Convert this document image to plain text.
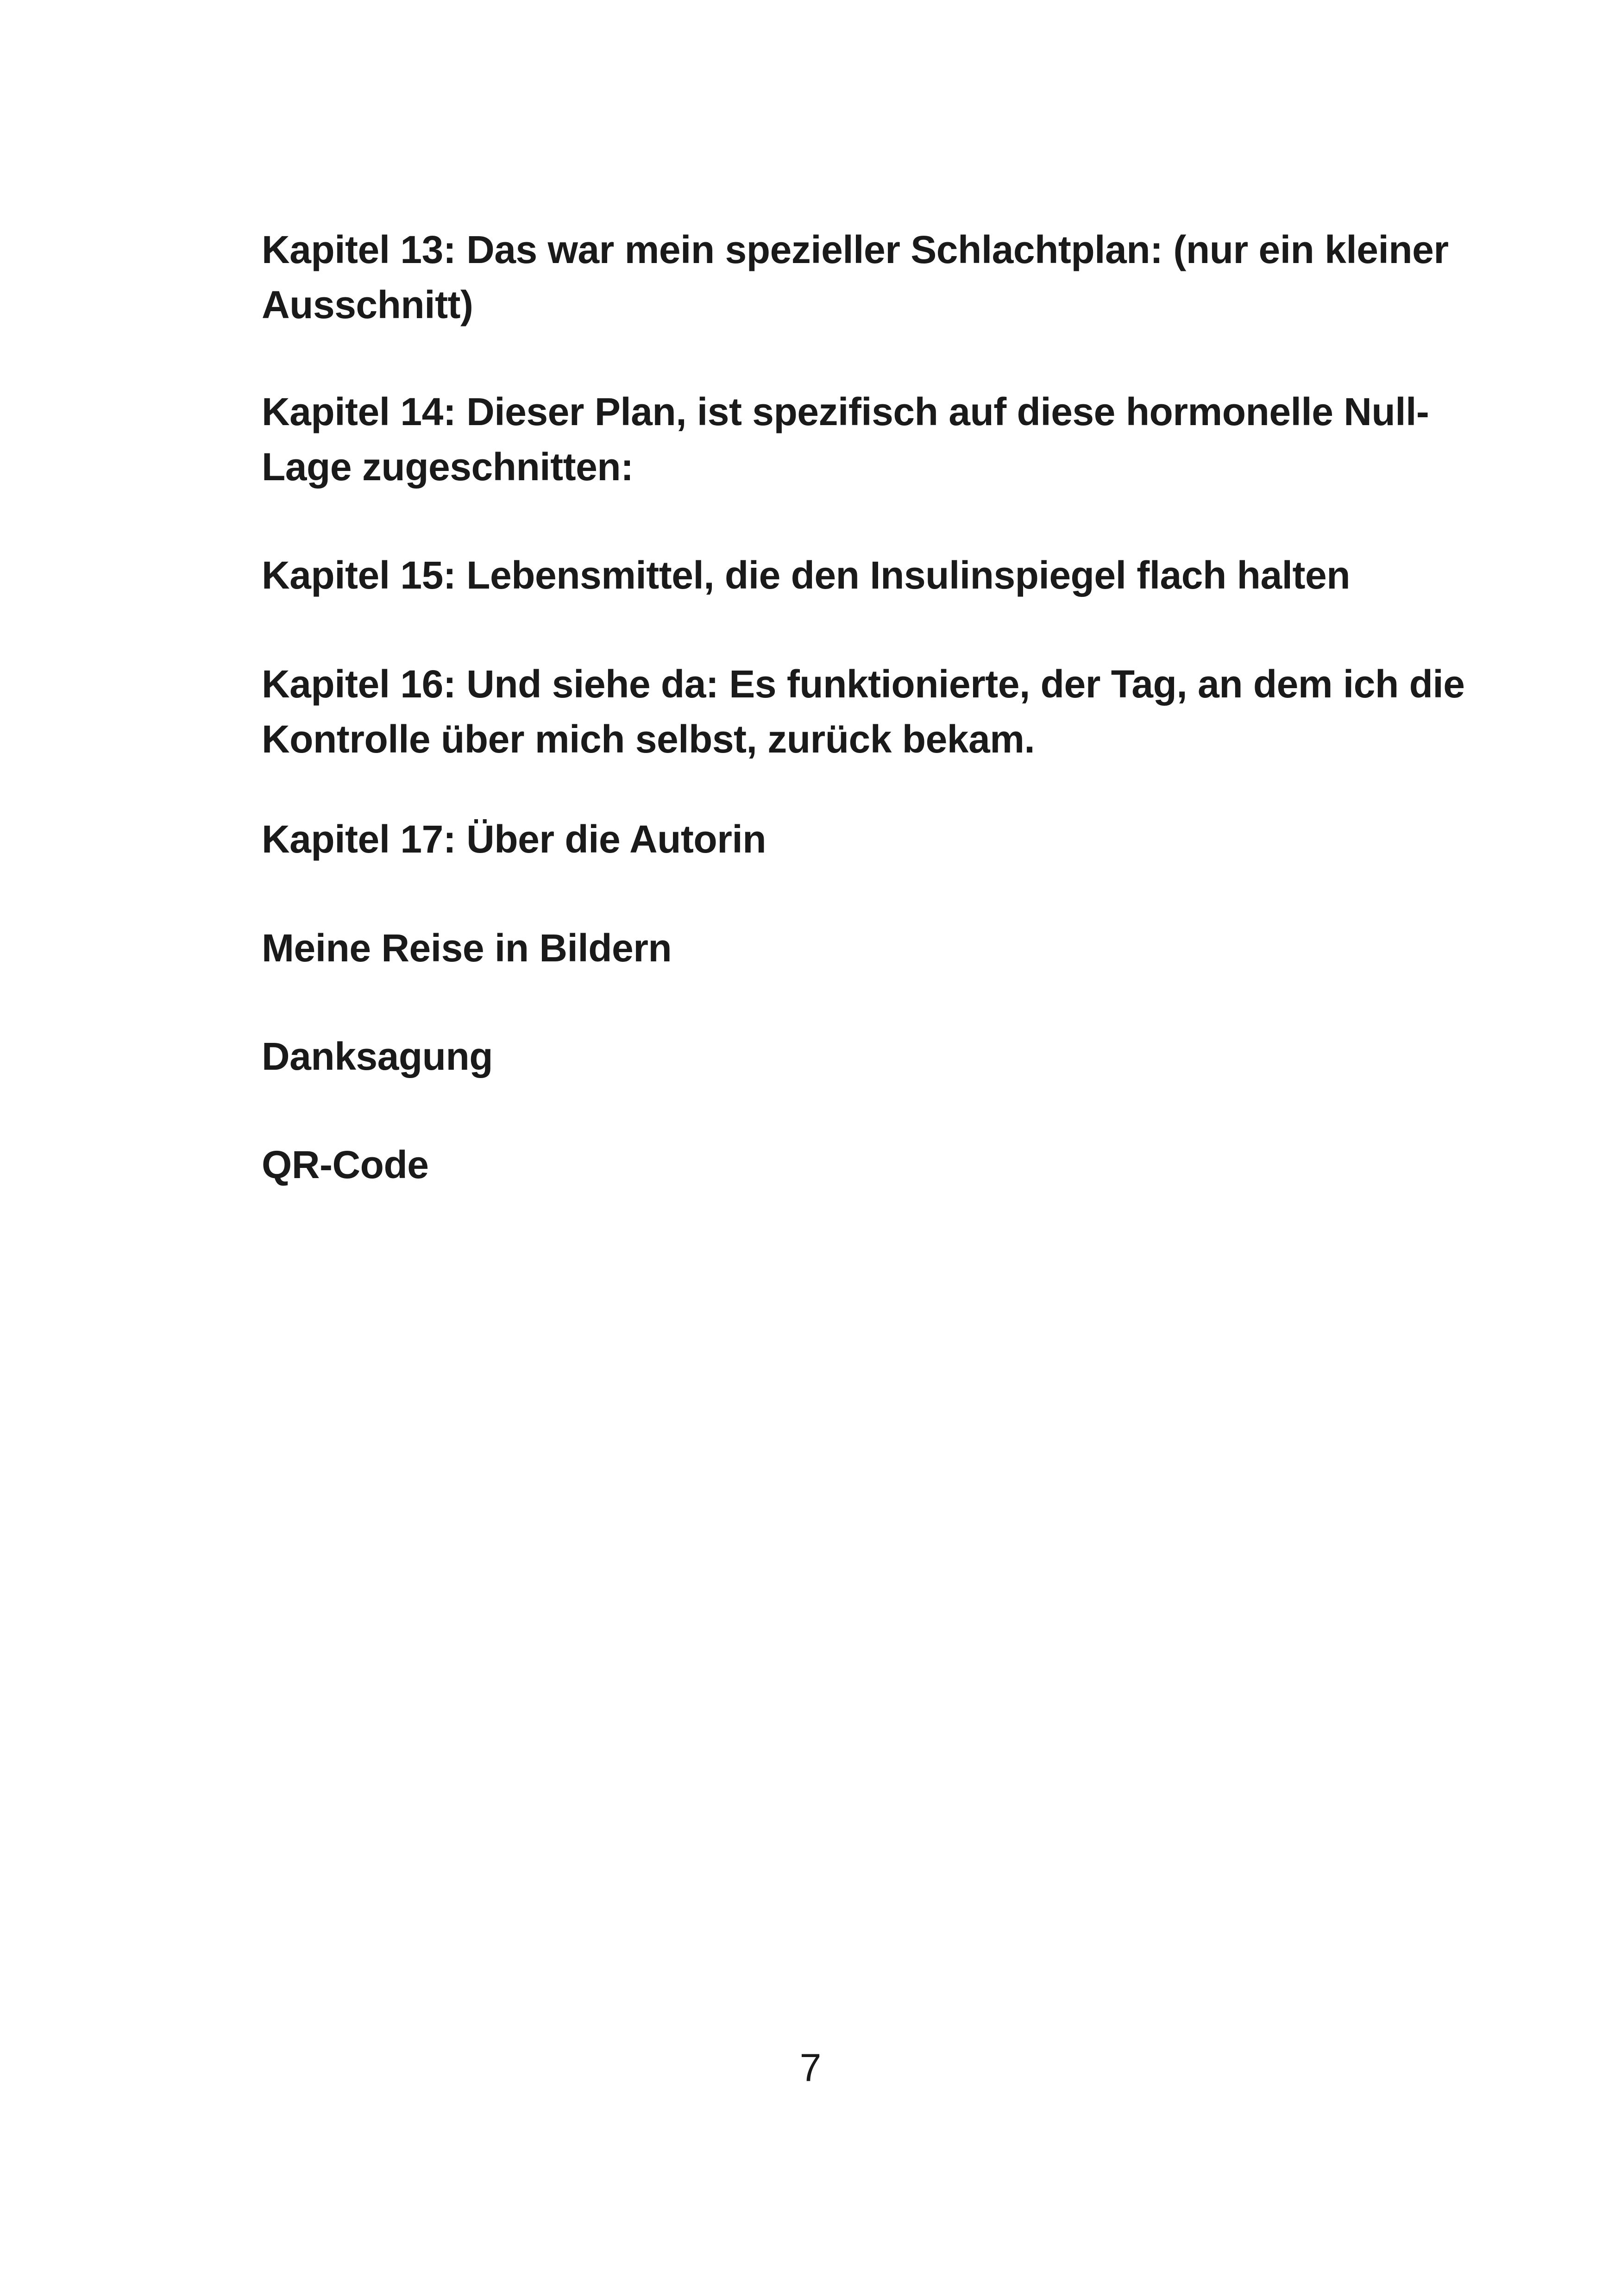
Kapitel 13: Das war mein spezieller Schlachtplan: (nur ein kleiner Ausschnitt)

Kapitel 14: Dieser Plan, ist spezifisch auf diese hormonelle Null-Lage zugeschnitten:

Kapitel 15: Lebensmittel, die den Insulinspiegel flach halten

Kapitel 16: Und siehe da: Es funktionierte, der Tag, an dem ich die Kontrolle über mich selbst, zurück bekam.

Kapitel 17: Über die Autorin

Meine Reise in Bildern

Danksagung

QR-Code

7
